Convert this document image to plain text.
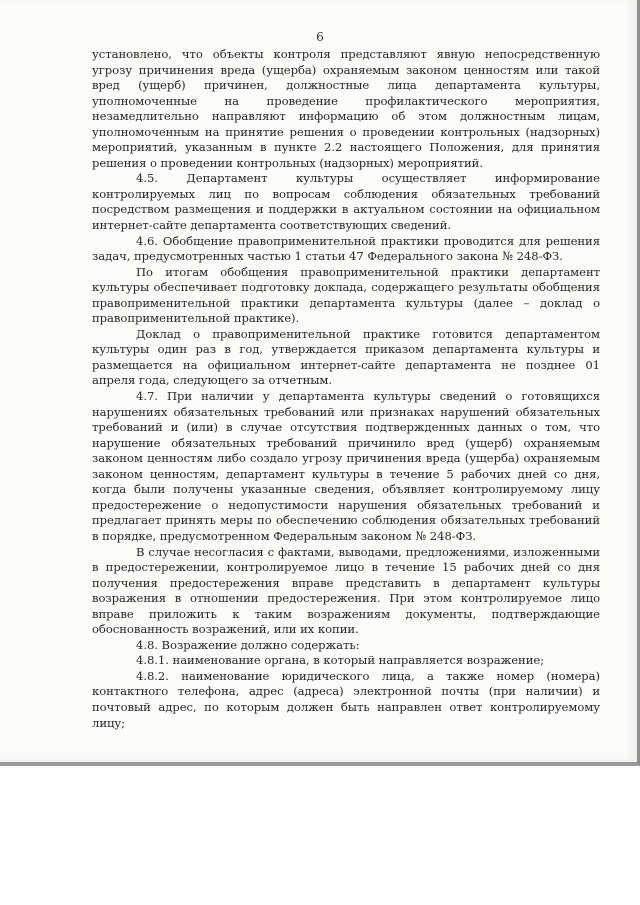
6

установлено, что объекты контроля представляют явную непосредственную угрозу причинения вреда (ущерба) охраняемым законом ценностям или такой вред (ущерб) причинен, должностные лица департамента культуры, уполномоченные на проведение профилактического мероприятия, незамедлительно направляют информацию об этом должностным лицам, уполномоченным на принятие решения о проведении контрольных (надзорных) мероприятий, указанным в пункте 2.2 настоящего Положения, для принятия решения о проведении контрольных (надзорных) мероприятий.

4.5. Департамент культуры осуществляет информирование контролируемых лиц по вопросам соблюдения обязательных требований посредством размещения и поддержки в актуальном состоянии на официальном интернет-сайте департамента соответствующих сведений.

4.6. Обобщение правоприменительной практики проводится для решения задач, предусмотренных частью 1 статьи 47 Федерального закона № 248-ФЗ.

По итогам обобщения правоприменительной практики департамент культуры обеспечивает подготовку доклада, содержащего результаты обобщения правоприменительной практики департамента культуры (далее – доклад о правоприменительной практике).

Доклад о правоприменительной практике готовится департаментом культуры один раз в год, утверждается приказом департамента культуры и размещается на официальном интернет-сайте департамента не позднее 01 апреля года, следующего за отчетным.

4.7. При наличии у департамента культуры сведений о готовящихся нарушениях обязательных требований или признаках нарушений обязательных требований и (или) в случае отсутствия подтвержденных данных о том, что нарушение обязательных требований причинило вред (ущерб) охраняемым законом ценностям либо создало угрозу причинения вреда (ущерба) охраняемым законом ценностям, департамент культуры в течение 5 рабочих дней со дня, когда были получены указанные сведения, объявляет контролируемому лицу предостережение о недопустимости нарушения обязательных требований и предлагает принять меры по обеспечению соблюдения обязательных требований в порядке, предусмотренном Федеральным законом № 248-ФЗ.

В случае несогласия с фактами, выводами, предложениями, изложенными в предостережении, контролируемое лицо в течение 15 рабочих дней со дня получения предостережения вправе представить в департамент культуры возражения в отношении предостережения. При этом контролируемое лицо вправе приложить к таким возражениям документы, подтверждающие обоснованность возражений, или их копии.

4.8. Возражение должно содержать:

4.8.1. наименование органа, в который направляется возражение;

4.8.2. наименование юридического лица, а также номер (номера) контактного телефона, адрес (адреса) электронной почты (при наличии) и почтовый адрес, по которым должен быть направлен ответ контролируемому лицу;
